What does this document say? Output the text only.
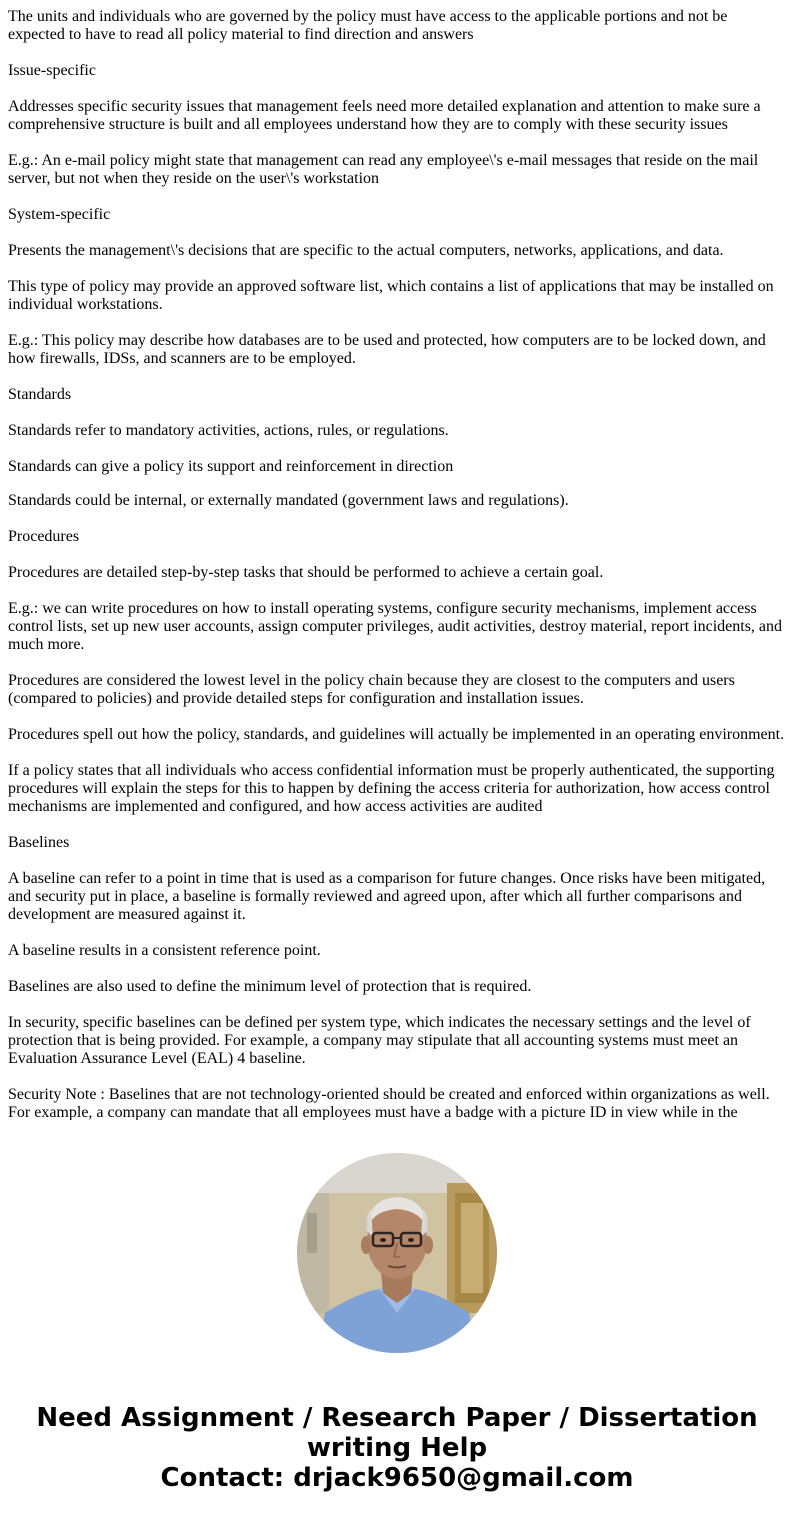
The units and individuals who are governed by the policy must have access to the applicable portions and not be expected to have to read all policy material to find direction and answers

Issue-specific

Addresses specific security issues that management feels need more detailed explanation and attention to make sure a comprehensive structure is built and all employees understand how they are to comply with these security issues

E.g.: An e-mail policy might state that management can read any employee\'s e-mail messages that reside on the mail server, but not when they reside on the user\'s workstation

System-specific

Presents the management\'s decisions that are specific to the actual computers, networks, applications, and data.

This type of policy may provide an approved software list, which contains a list of applications that may be installed on individual workstations.

E.g.: This policy may describe how databases are to be used and protected, how computers are to be locked down, and how firewalls, IDSs, and scanners are to be employed.

Standards

Standards refer to mandatory activities, actions, rules, or regulations.

Standards can give a policy its support and reinforcement in direction

Standards could be internal, or externally mandated (government laws and regulations).

Procedures

Procedures are detailed step-by-step tasks that should be performed to achieve a certain goal.

E.g.: we can write procedures on how to install operating systems, configure security mechanisms, implement access control lists, set up new user accounts, assign computer privileges, audit activities, destroy material, report incidents, and much more.

Procedures are considered the lowest level in the policy chain because they are closest to the computers and users (compared to policies) and provide detailed steps for configuration and installation issues.

Procedures spell out how the policy, standards, and guidelines will actually be implemented in an operating environment.

If a policy states that all individuals who access confidential information must be properly authenticated, the supporting procedures will explain the steps for this to happen by defining the access criteria for authorization, how access control mechanisms are implemented and configured, and how access activities are audited

Baselines

A baseline can refer to a point in time that is used as a comparison for future changes. Once risks have been mitigated, and security put in place, a baseline is formally reviewed and agreed upon, after which all further comparisons and development are measured against it.

A baseline results in a consistent reference point.

Baselines are also used to define the minimum level of protection that is required.

In security, specific baselines can be defined per system type, which indicates the necessary settings and the level of protection that is being provided. For example, a company may stipulate that all accounting systems must meet an Evaluation Assurance Level (EAL) 4 baseline.

Security Note : Baselines that are not technology-oriented should be created and enforced within organizations as well. For example, a company can mandate that all employees must have a badge with a picture ID in view while in the

Need Assignment / Research Paper / Dissertation
writing Help
Contact: drjack9650@gmail.com
